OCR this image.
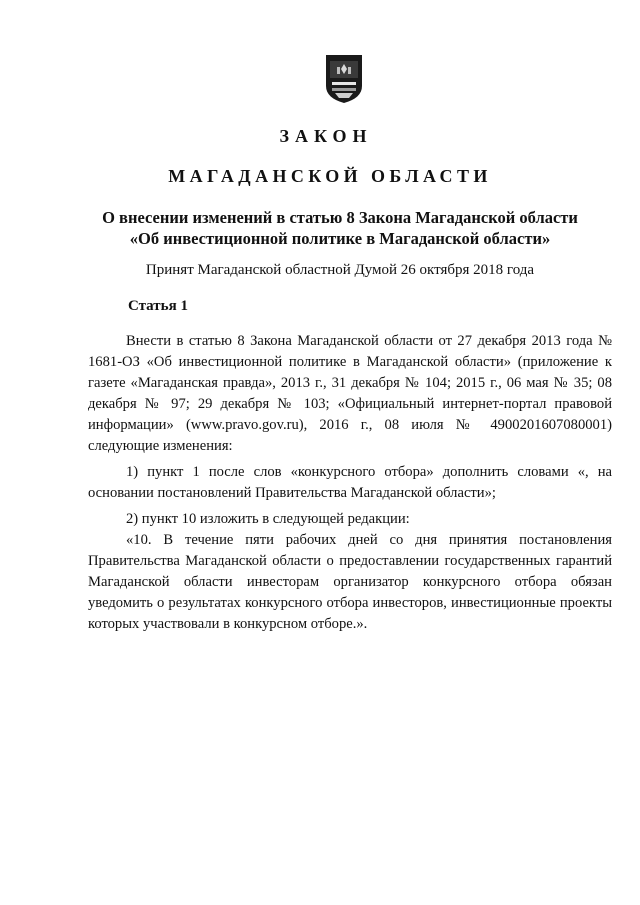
ЗАКОН
МАГАДАНСКОЙ ОБЛАСТИ
О внесении изменений в статью 8 Закона Магаданской области
«Об инвестиционной политике в Магаданской области»
Принят Магаданской областной Думой 26 октября 2018 года
Статья 1
Внести в статью 8 Закона Магаданской области от 27 декабря 2013 года № 1681-ОЗ «Об инвестиционной политике в Магаданской области» (приложение к газете «Магаданская правда», 2013 г., 31 декабря № 104; 2015 г., 06 мая № 35; 08 декабря № 97; 29 декабря № 103; «Официальный интернет-портал правовой информации» (www.pravo.gov.ru), 2016 г., 08 июля № 4900201607080001) следующие изменения:
1) пункт 1 после слов «конкурсного отбора» дополнить словами «, на основании постановлений Правительства Магаданской области»;
2) пункт 10 изложить в следующей редакции:
«10. В течение пяти рабочих дней со дня принятия постановления Правительства Магаданской области о предоставлении государственных гарантий Магаданской области инвесторам организатор конкурсного отбора обязан уведомить о результатах конкурсного отбора инвесторов, инвестиционные проекты которых участвовали в конкурсном отборе.».
